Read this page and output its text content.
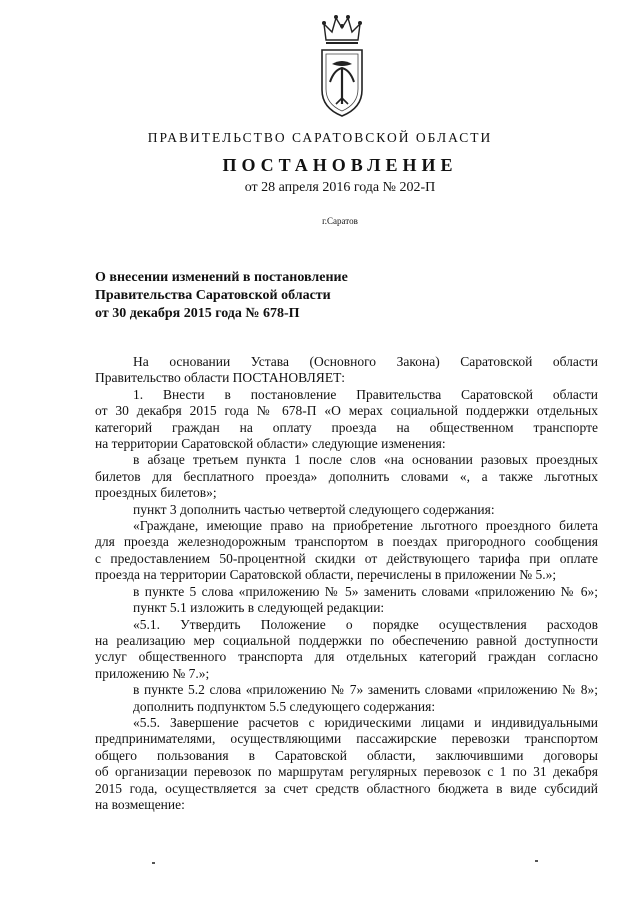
ПРАВИТЕЛЬСТВО САРАТОВСКОЙ ОБЛАСТИ
ПОСТАНОВЛЕНИЕ
от 28 апреля 2016 года № 202-П
г.Саратов
О внесении изменений в постановление
Правительства Саратовской области
от 30 декабря 2015 года № 678-П
На основании Устава (Основного Закона) Саратовской области
Правительство области ПОСТАНОВЛЯЕТ:
1. Внести в постановление Правительства Саратовской области
от 30 декабря 2015 года № 678-П «О мерах социальной поддержки отдельных
категорий граждан на оплату проезда на общественном транспорте
на территории Саратовской области» следующие изменения:
в абзаце третьем пункта 1 после слов «на основании разовых проездных
билетов для бесплатного проезда» дополнить словами «, а также льготных
проездных билетов»;
пункт 3 дополнить частью четвертой следующего содержания:
«Граждане, имеющие право на приобретение льготного проездного билета
для проезда железнодорожным транспортом в поездах пригородного сообщения
с предоставлением 50-процентной скидки от действующего тарифа при оплате
проезда на территории Саратовской области, перечислены в приложении № 5.»;
в пункте 5 слова «приложению № 5» заменить словами «приложению № 6»;
пункт 5.1 изложить в следующей редакции:
«5.1. Утвердить Положение о порядке осуществления расходов
на реализацию мер социальной поддержки по обеспечению равной доступности
услуг общественного транспорта для отдельных категорий граждан согласно
приложению № 7.»;
в пункте 5.2 слова «приложению № 7» заменить словами «приложению № 8»;
дополнить подпунктом 5.5 следующего содержания:
«5.5. Завершение расчетов с юридическими лицами и индивидуальными
предпринимателями, осуществляющими пассажирские перевозки транспортом
общего пользования в Саратовской области, заключившими договоры
об организации перевозок по маршрутам регулярных перевозок с 1 по 31 декабря
2015 года, осуществляется за счет средств областного бюджета в виде субсидий
на возмещение:
